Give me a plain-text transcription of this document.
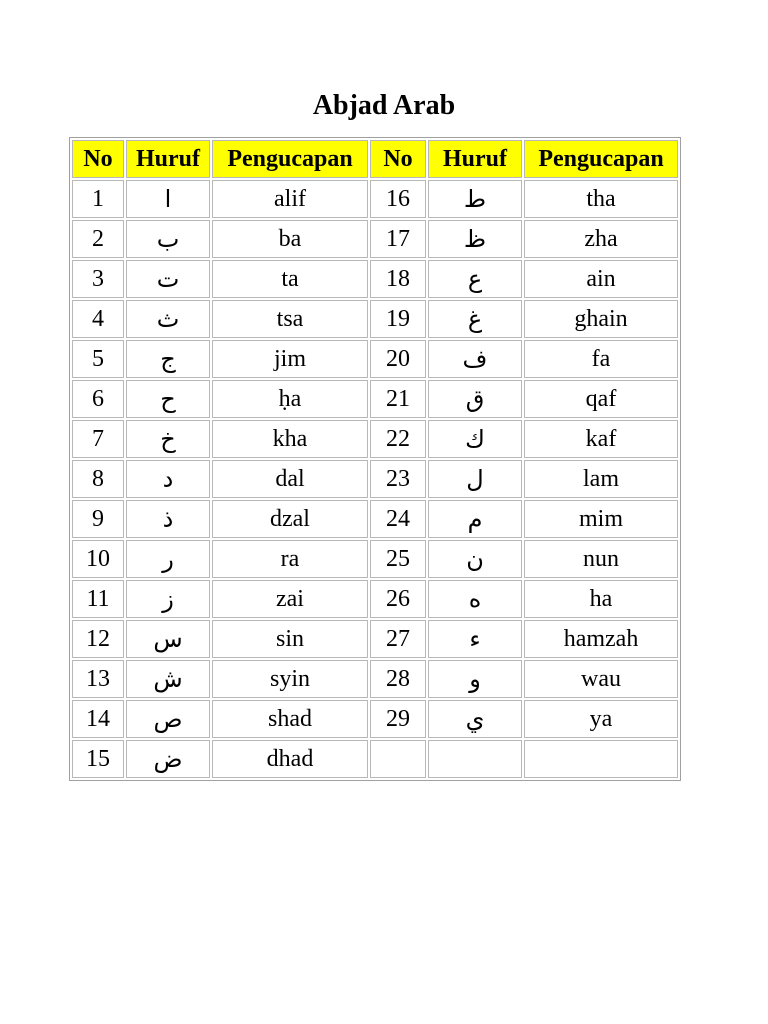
Abjad Arab
No	Huruf	Pengucapan	No	Huruf	Pengucapan
1	ا	alif	16	ط	tha
2	ب	ba	17	ظ	zha
3	ت	ta	18	ع	ain
4	ث	tsa	19	غ	ghain
5	ج	jim	20	ف	fa
6	ح	ḥa	21	ق	qaf
7	خ	kha	22	ك	kaf
8	د	dal	23	ل	lam
9	ذ	dzal	24	م	mim
10	ر	ra	25	ن	nun
11	ز	zai	26	ه	ha
12	س	sin	27	ء	hamzah
13	ش	syin	28	و	wau
14	ص	shad	29	ي	ya
15	ض	dhad			
